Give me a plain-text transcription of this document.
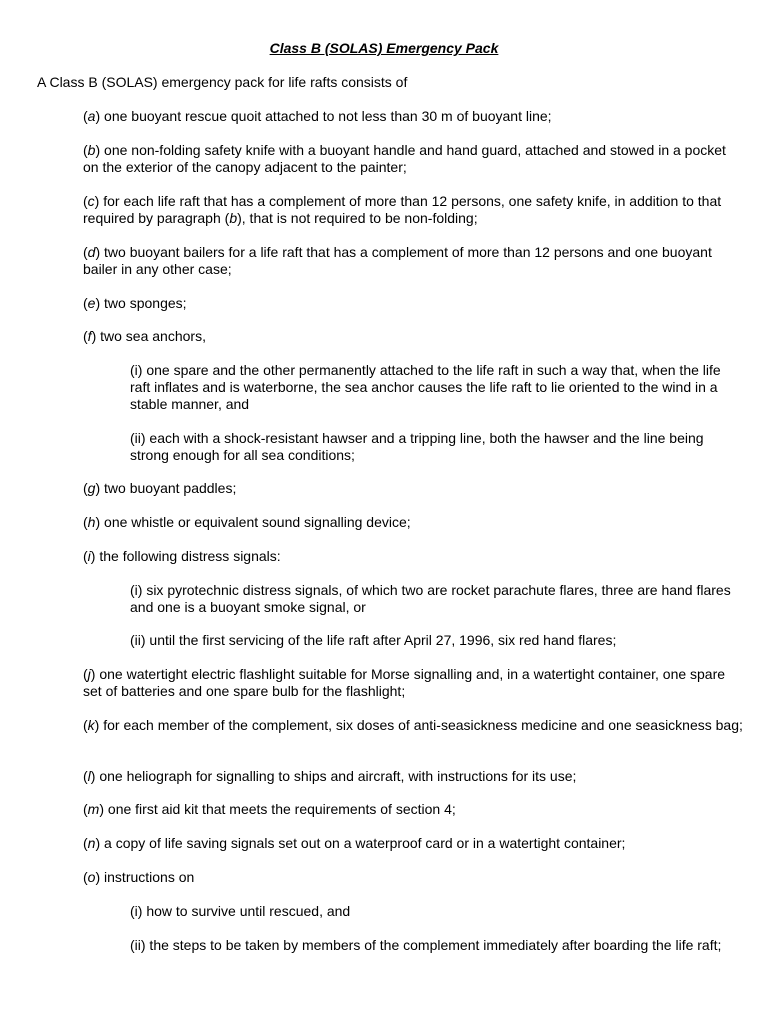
Class B (SOLAS) Emergency Pack
A Class B (SOLAS) emergency pack for life rafts consists of
(a) one buoyant rescue quoit attached to not less than 30 m of buoyant line;
(b) one non-folding safety knife with a buoyant handle and hand guard, attached and stowed in a pocket on the exterior of the canopy adjacent to the painter;
(c) for each life raft that has a complement of more than 12 persons, one safety knife, in addition to that required by paragraph (b), that is not required to be non-folding;
(d) two buoyant bailers for a life raft that has a complement of more than 12 persons and one buoyant bailer in any other case;
(e) two sponges;
(f) two sea anchors,
(i) one spare and the other permanently attached to the life raft in such a way that, when the life raft inflates and is waterborne, the sea anchor causes the life raft to lie oriented to the wind in a stable manner, and
(ii) each with a shock-resistant hawser and a tripping line, both the hawser and the line being strong enough for all sea conditions;
(g) two buoyant paddles;
(h) one whistle or equivalent sound signalling device;
(i) the following distress signals:
(i) six pyrotechnic distress signals, of which two are rocket parachute flares, three are hand flares and one is a buoyant smoke signal, or
(ii) until the first servicing of the life raft after April 27, 1996, six red hand flares;
(j) one watertight electric flashlight suitable for Morse signalling and, in a watertight container, one spare set of batteries and one spare bulb for the flashlight;
(k) for each member of the complement, six doses of anti-seasickness medicine and one seasickness bag;
(l) one heliograph for signalling to ships and aircraft, with instructions for its use;
(m) one first aid kit that meets the requirements of section 4;
(n) a copy of life saving signals set out on a waterproof card or in a watertight container;
(o) instructions on
(i) how to survive until rescued, and
(ii) the steps to be taken by members of the complement immediately after boarding the life raft;
